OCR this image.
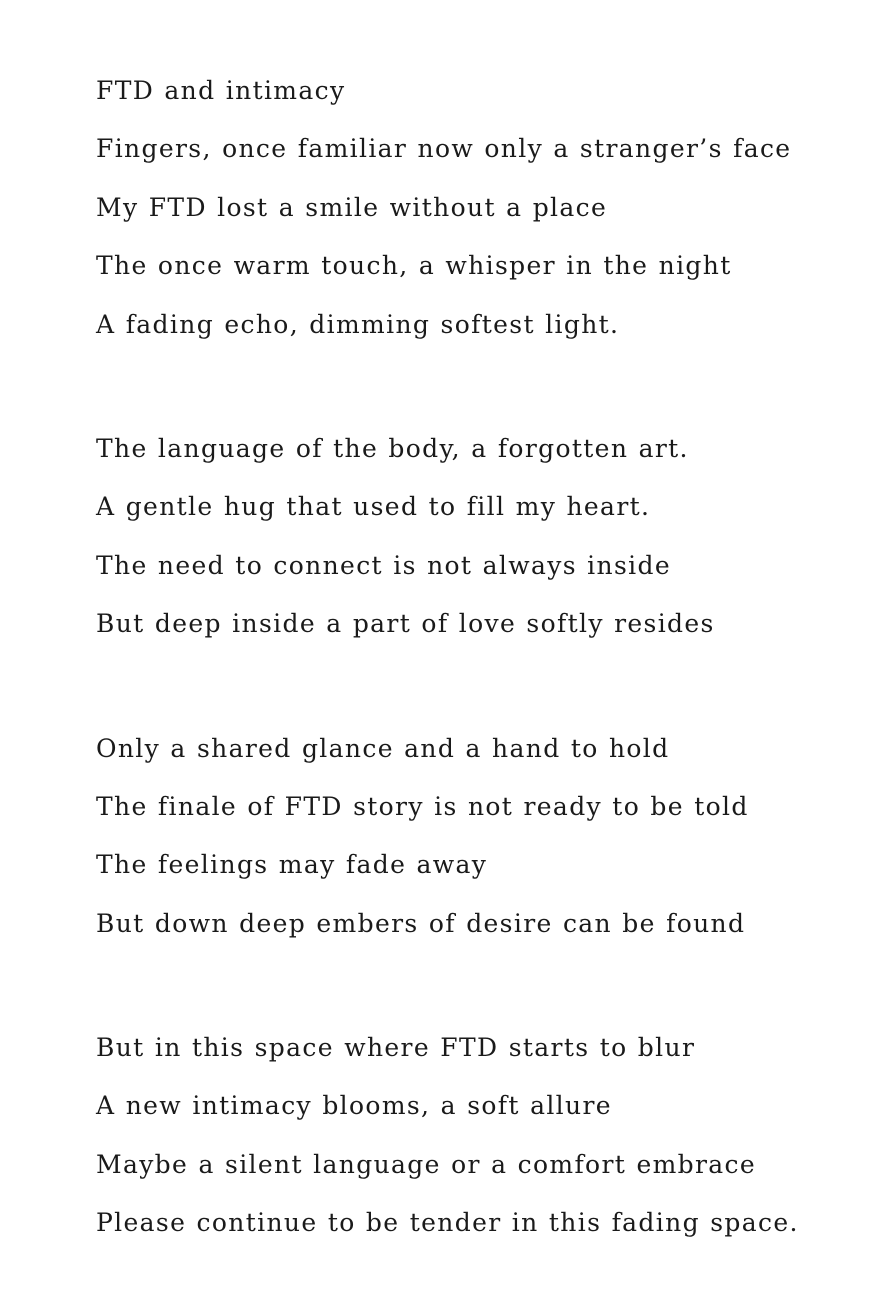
FTD and intimacy
Fingers, once familiar now only a stranger’s face
My FTD lost a smile without a place
The once warm touch, a whisper in the night
A fading echo, dimming softest light.
The language of the body, a forgotten art.
A gentle hug that used to fill my heart.
The need to connect is not always inside
But deep inside a part of love softly resides
Only a shared glance and a hand to hold
The finale of FTD story is not ready to be told
The feelings may fade away
But down deep embers of desire can be found
But in this space where FTD starts to blur
A new intimacy blooms, a soft allure
Maybe a silent language or a comfort embrace
Please continue to be tender in this fading space.
